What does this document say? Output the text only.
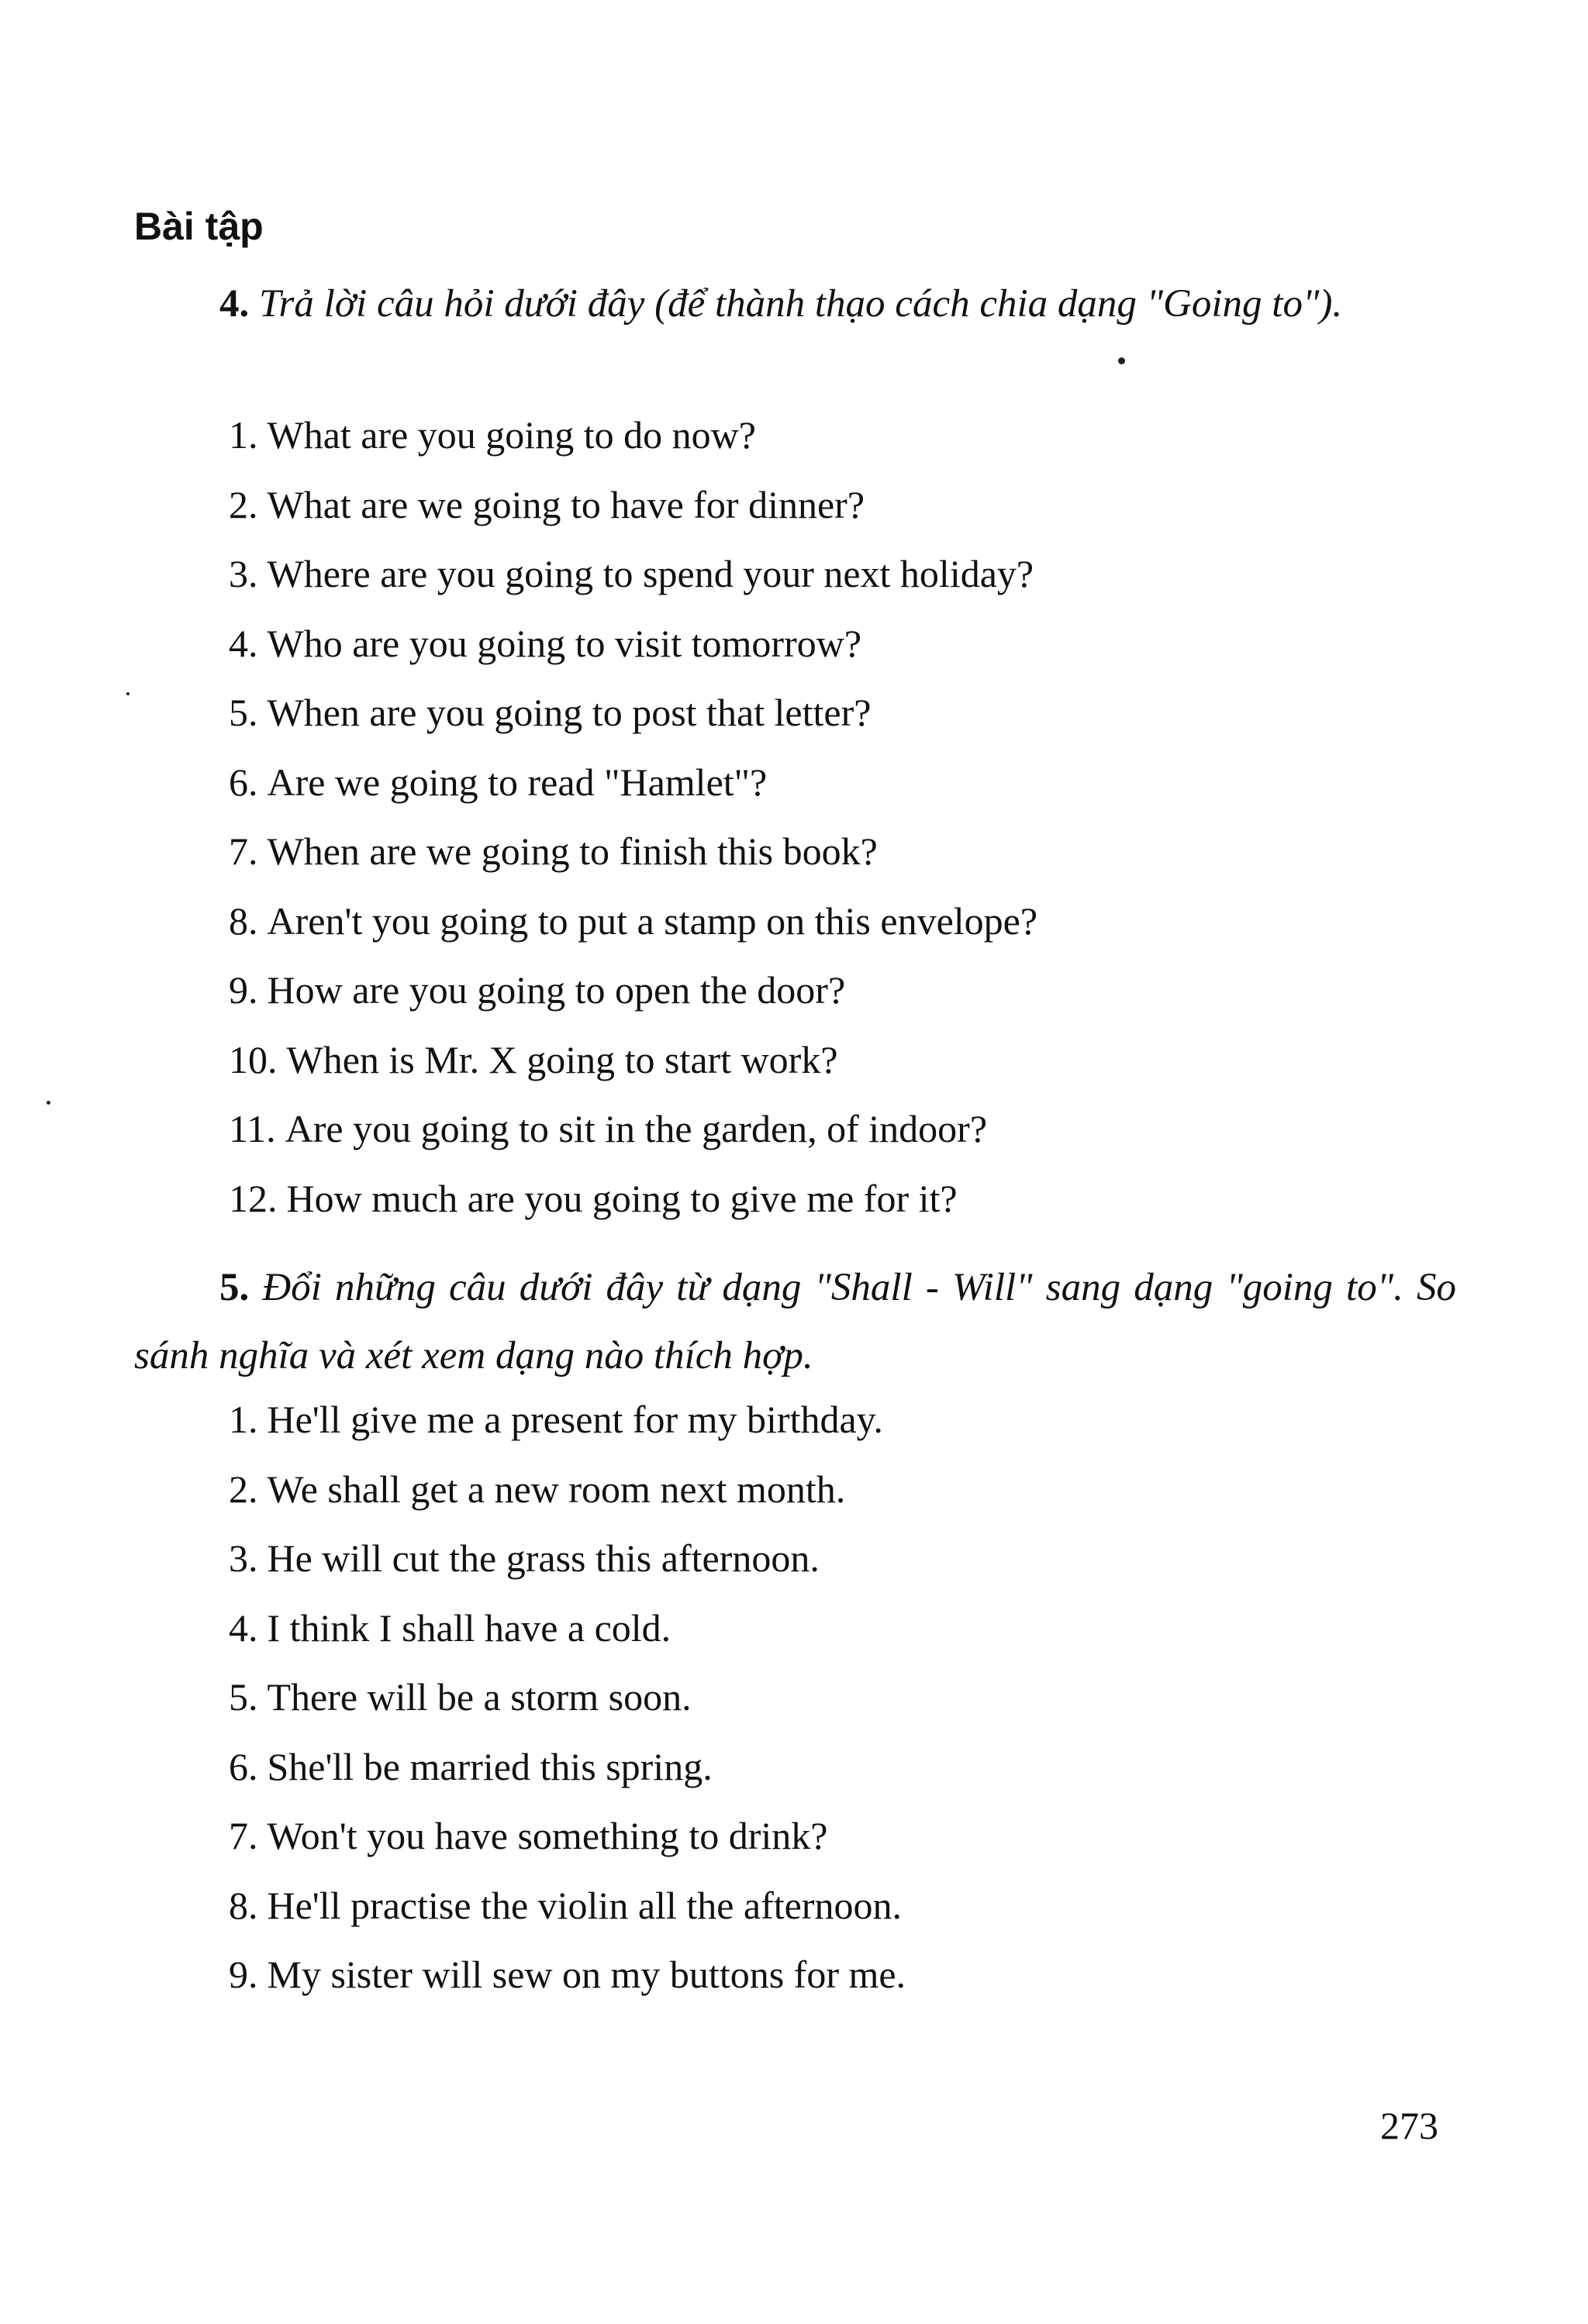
Bài tập

4. Trả lời câu hỏi dưới đây (để thành thạo cách chia dạng "Going to").

1. What are you going to do now?
2. What are we going to have for dinner?
3. Where are you going to spend your next holiday?
4. Who are you going to visit tomorrow?
5. When are you going to post that letter?
6. Are we going to read "Hamlet"?
7. When are we going to finish this book?
8. Aren't you going to put a stamp on this envelope?
9. How are you going to open the door?
10. When is Mr. X going to start work?
11. Are you going to sit in the garden, of indoor?
12. How much are you going to give me for it?

5. Đổi những câu dưới đây từ dạng "Shall - Will" sang dạng "going to". So sánh nghĩa và xét xem dạng nào thích hợp.

1. He'll give me a present for my birthday.
2. We shall get a new room next month.
3. He will cut the grass this afternoon.
4. I think I shall have a cold.
5. There will be a storm soon.
6. She'll be married this spring.
7. Won't you have something to drink?
8. He'll practise the violin all the afternoon.
9. My sister will sew on my buttons for me.

273
